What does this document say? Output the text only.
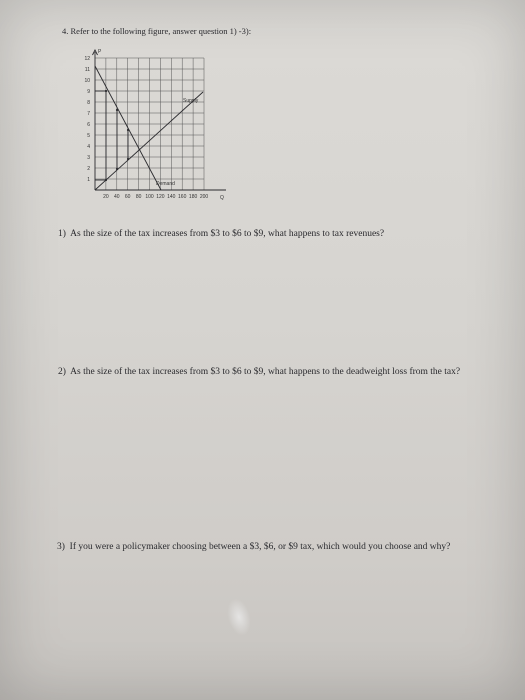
4. Refer to the following figure, answer question 1) -3):
P
Q
12
11
10
9
8
7
6
5
4
3
2
1
20 40 60 80 100 120 140 160 180 200
Supply
Demand
1) As the size of the tax increases from $3 to $6 to $9, what happens to tax revenues?
2) As the size of the tax increases from $3 to $6 to $9, what happens to the deadweight loss from the tax?
3) If you were a policymaker choosing between a $3, $6, or $9 tax, which would you choose and why?
